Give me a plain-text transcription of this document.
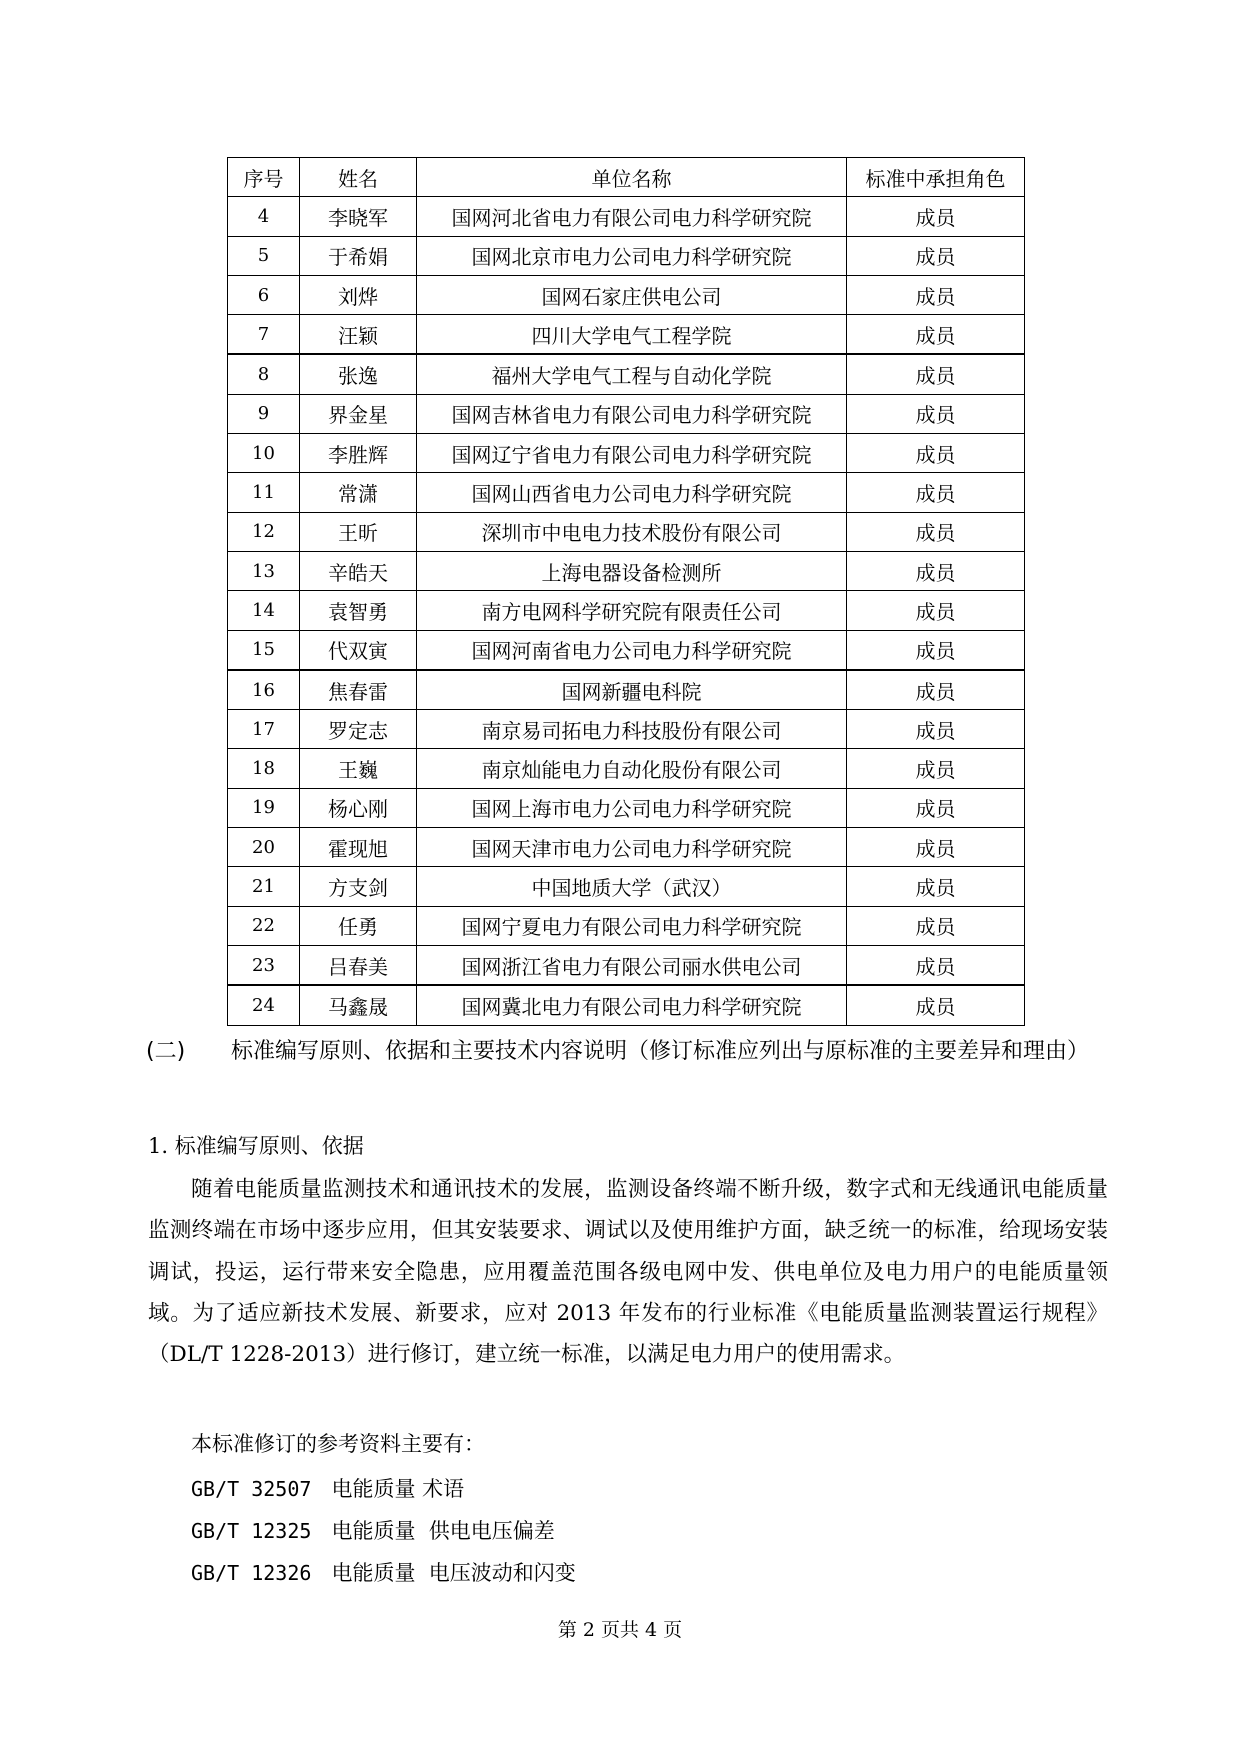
序号	姓名	单位名称	标准中承担角色
4	李晓军	国网河北省电力有限公司电力科学研究院	成员
5	于希娟	国网北京市电力公司电力科学研究院	成员
6	刘烨	国网石家庄供电公司	成员
7	汪颖	四川大学电气工程学院	成员
8	张逸	福州大学电气工程与自动化学院	成员
9	界金星	国网吉林省电力有限公司电力科学研究院	成员
10	李胜辉	国网辽宁省电力有限公司电力科学研究院	成员
11	常潇	国网山西省电力公司电力科学研究院	成员
12	王昕	深圳市中电电力技术股份有限公司	成员
13	辛皓天	上海电器设备检测所	成员
14	袁智勇	南方电网科学研究院有限责任公司	成员
15	代双寅	国网河南省电力公司电力科学研究院	成员
16	焦春雷	国网新疆电科院	成员
17	罗定志	南京易司拓电力科技股份有限公司	成员
18	王巍	南京灿能电力自动化股份有限公司	成员
19	杨心刚	国网上海市电力公司电力科学研究院	成员
20	霍现旭	国网天津市电力公司电力科学研究院	成员
21	方支剑	中国地质大学（武汉）	成员
22	任勇	国网宁夏电力有限公司电力科学研究院	成员
23	吕春美	国网浙江省电力有限公司丽水供电公司	成员
24	马鑫晟	国网冀北电力有限公司电力科学研究院	成员
(二) 标准编写原则、依据和主要技术内容说明（修订标准应列出与原标准的主要差异和理由）
1. 标准编写原则、依据

随着电能质量监测技术和通讯技术的发展，监测设备终端不断升级，数字式和无线通讯电能质量监测终端在市场中逐步应用，但其安装要求、调试以及使用维护方面，缺乏统一的标准，给现场安装调试，投运，运行带来安全隐患，应用覆盖范围各级电网中发、供电单位及电力用户的电能质量领域。为了适应新技术发展、新要求，应对 2013 年发布的行业标准《电能质量监测装置运行规程》（DL/T 1228-2013）进行修订，建立统一标准，以满足电力用户的使用需求。

本标准修订的参考资料主要有：
GB/T 32507 电能质量 术语
GB/T 12325 电能质量  供电电压偏差
GB/T 12326 电能质量  电压波动和闪变
第 2 页共 4 页
